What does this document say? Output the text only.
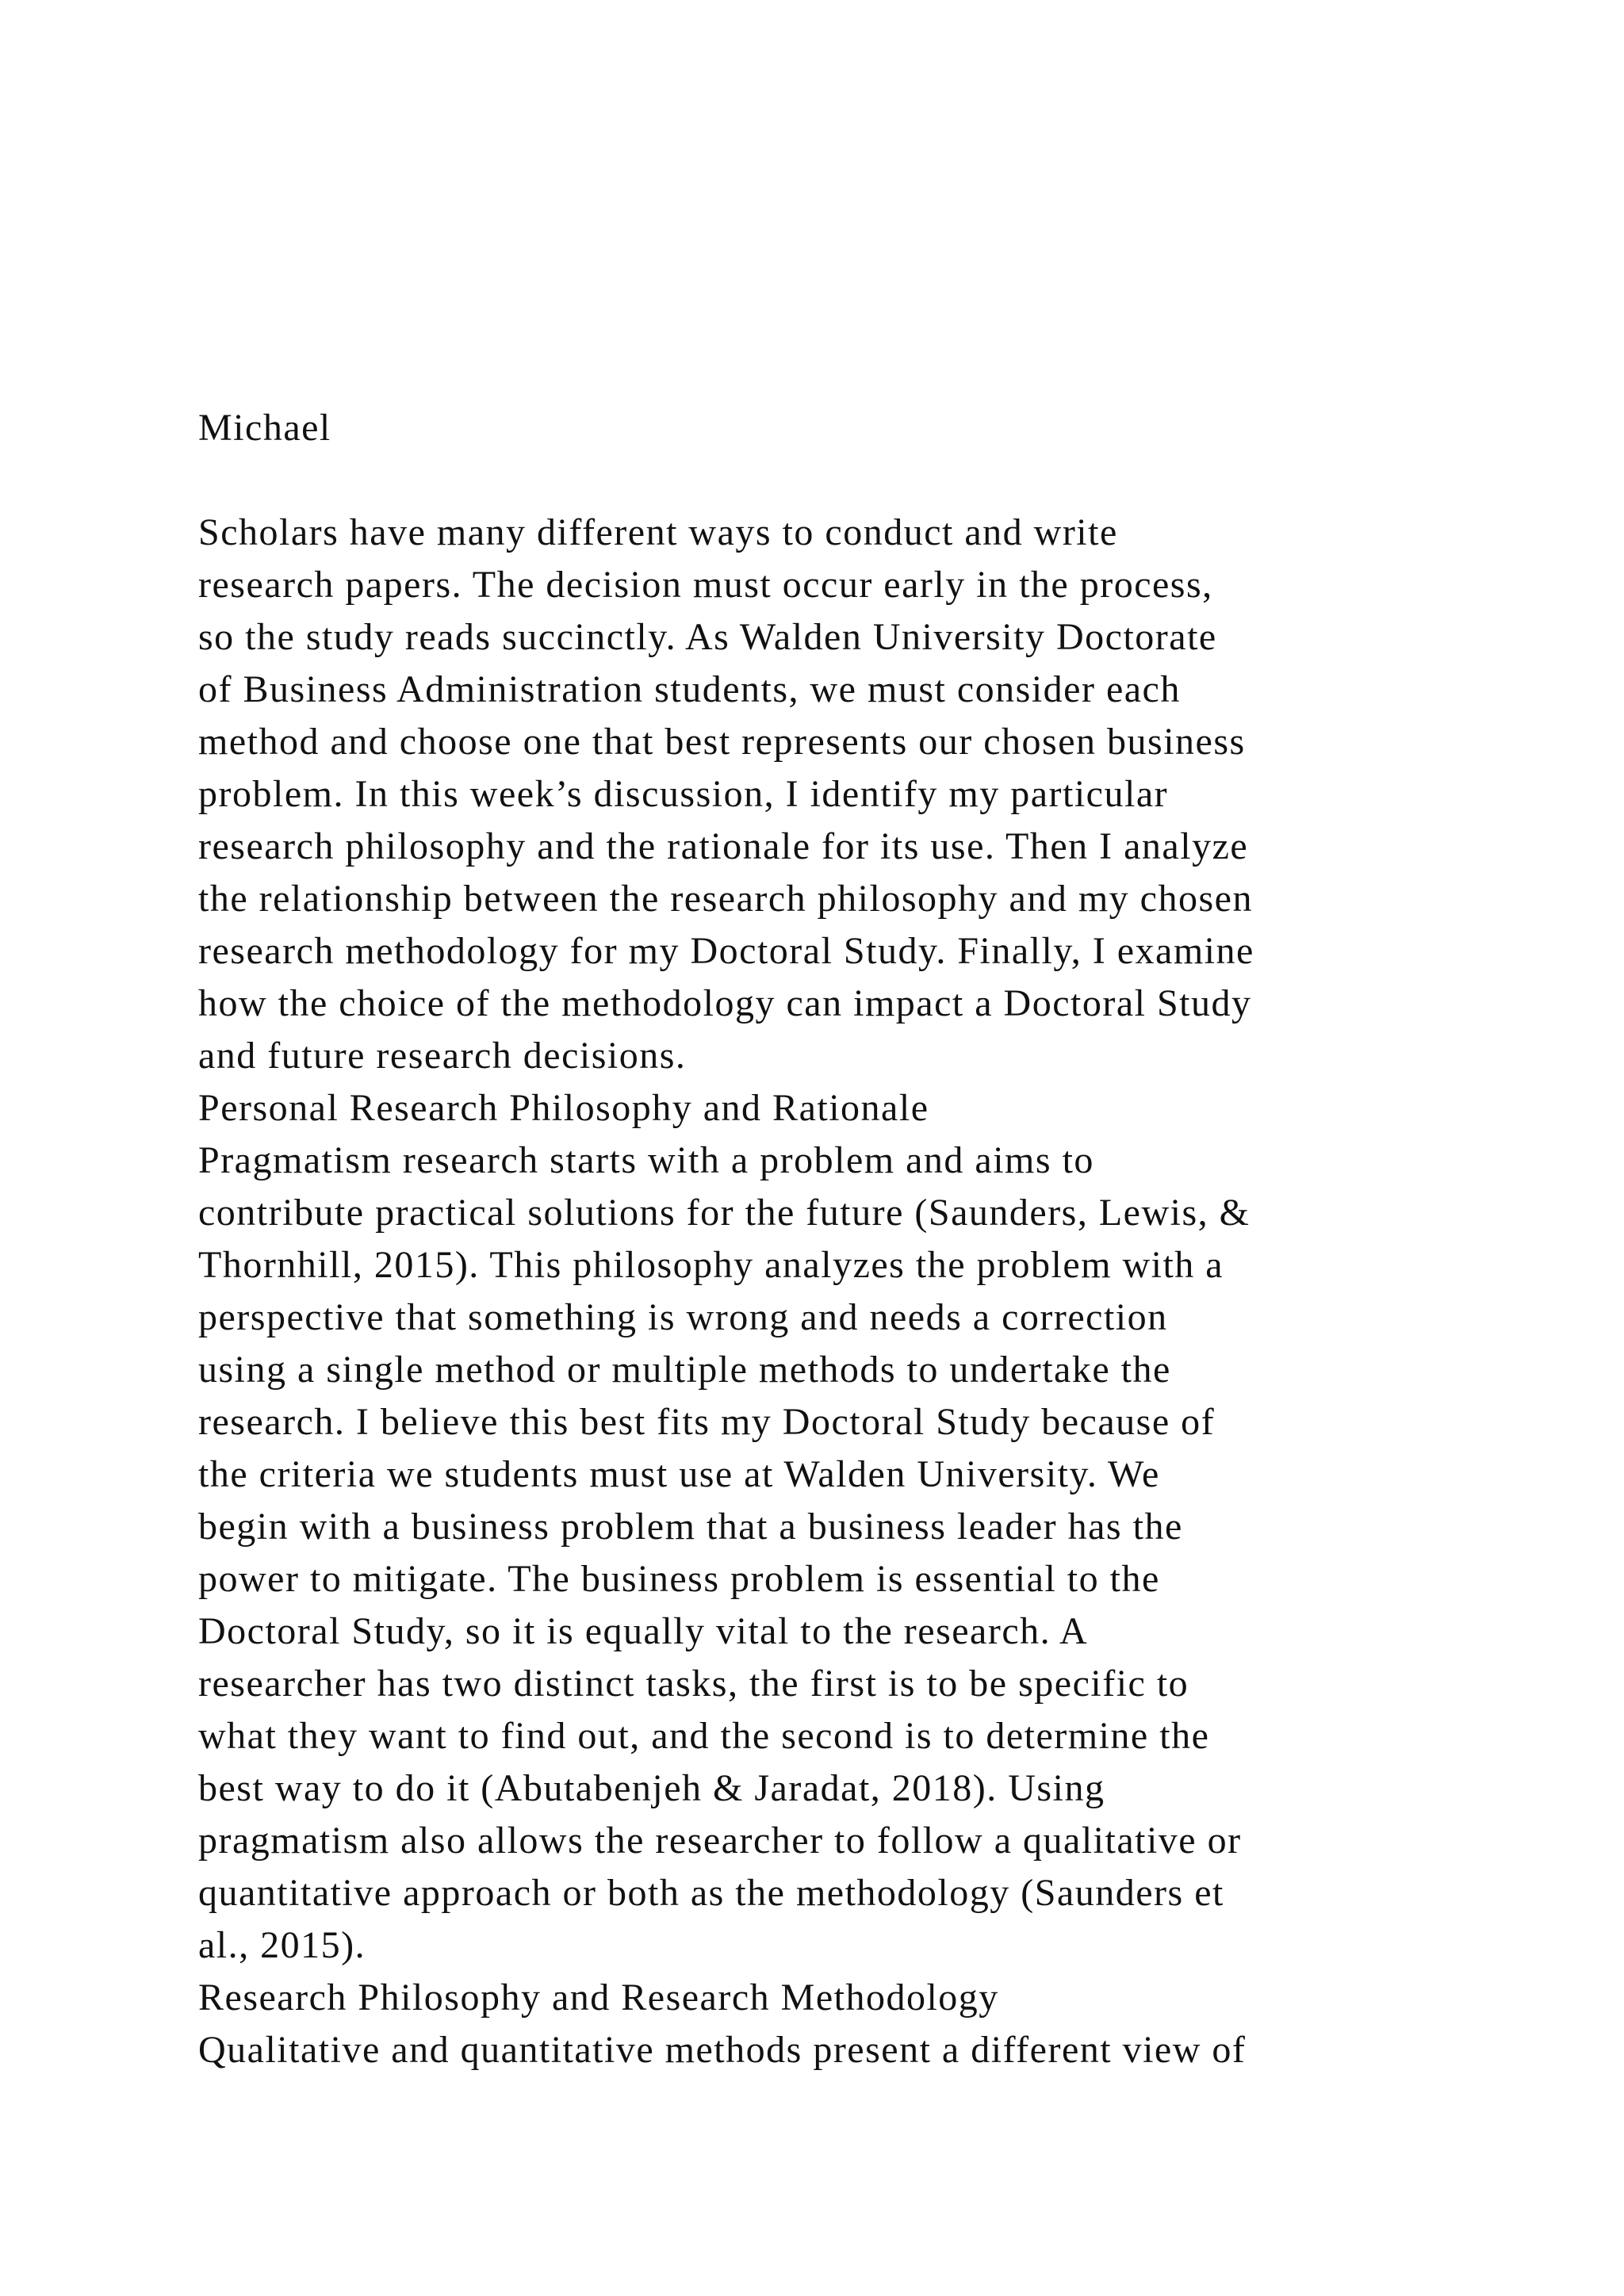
Michael
Scholars have many different ways to conduct and write
research papers. The decision must occur early in the process,
so the study reads succinctly. As Walden University Doctorate
of Business Administration students, we must consider each
method and choose one that best represents our chosen business
problem. In this week’s discussion, I identify my particular
research philosophy and the rationale for its use. Then I analyze
the relationship between the research philosophy and my chosen
research methodology for my Doctoral Study. Finally, I examine
how the choice of the methodology can impact a Doctoral Study
and future research decisions.
Personal Research Philosophy and Rationale
Pragmatism research starts with a problem and aims to
contribute practical solutions for the future (Saunders, Lewis, &
Thornhill, 2015). This philosophy analyzes the problem with a
perspective that something is wrong and needs a correction
using a single method or multiple methods to undertake the
research. I believe this best fits my Doctoral Study because of
the criteria we students must use at Walden University. We
begin with a business problem that a business leader has the
power to mitigate. The business problem is essential to the
Doctoral Study, so it is equally vital to the research. A
researcher has two distinct tasks, the first is to be specific to
what they want to find out, and the second is to determine the
best way to do it (Abutabenjeh & Jaradat, 2018). Using
pragmatism also allows the researcher to follow a qualitative or
quantitative approach or both as the methodology (Saunders et
al., 2015).
Research Philosophy and Research Methodology
Qualitative and quantitative methods present a different view of
